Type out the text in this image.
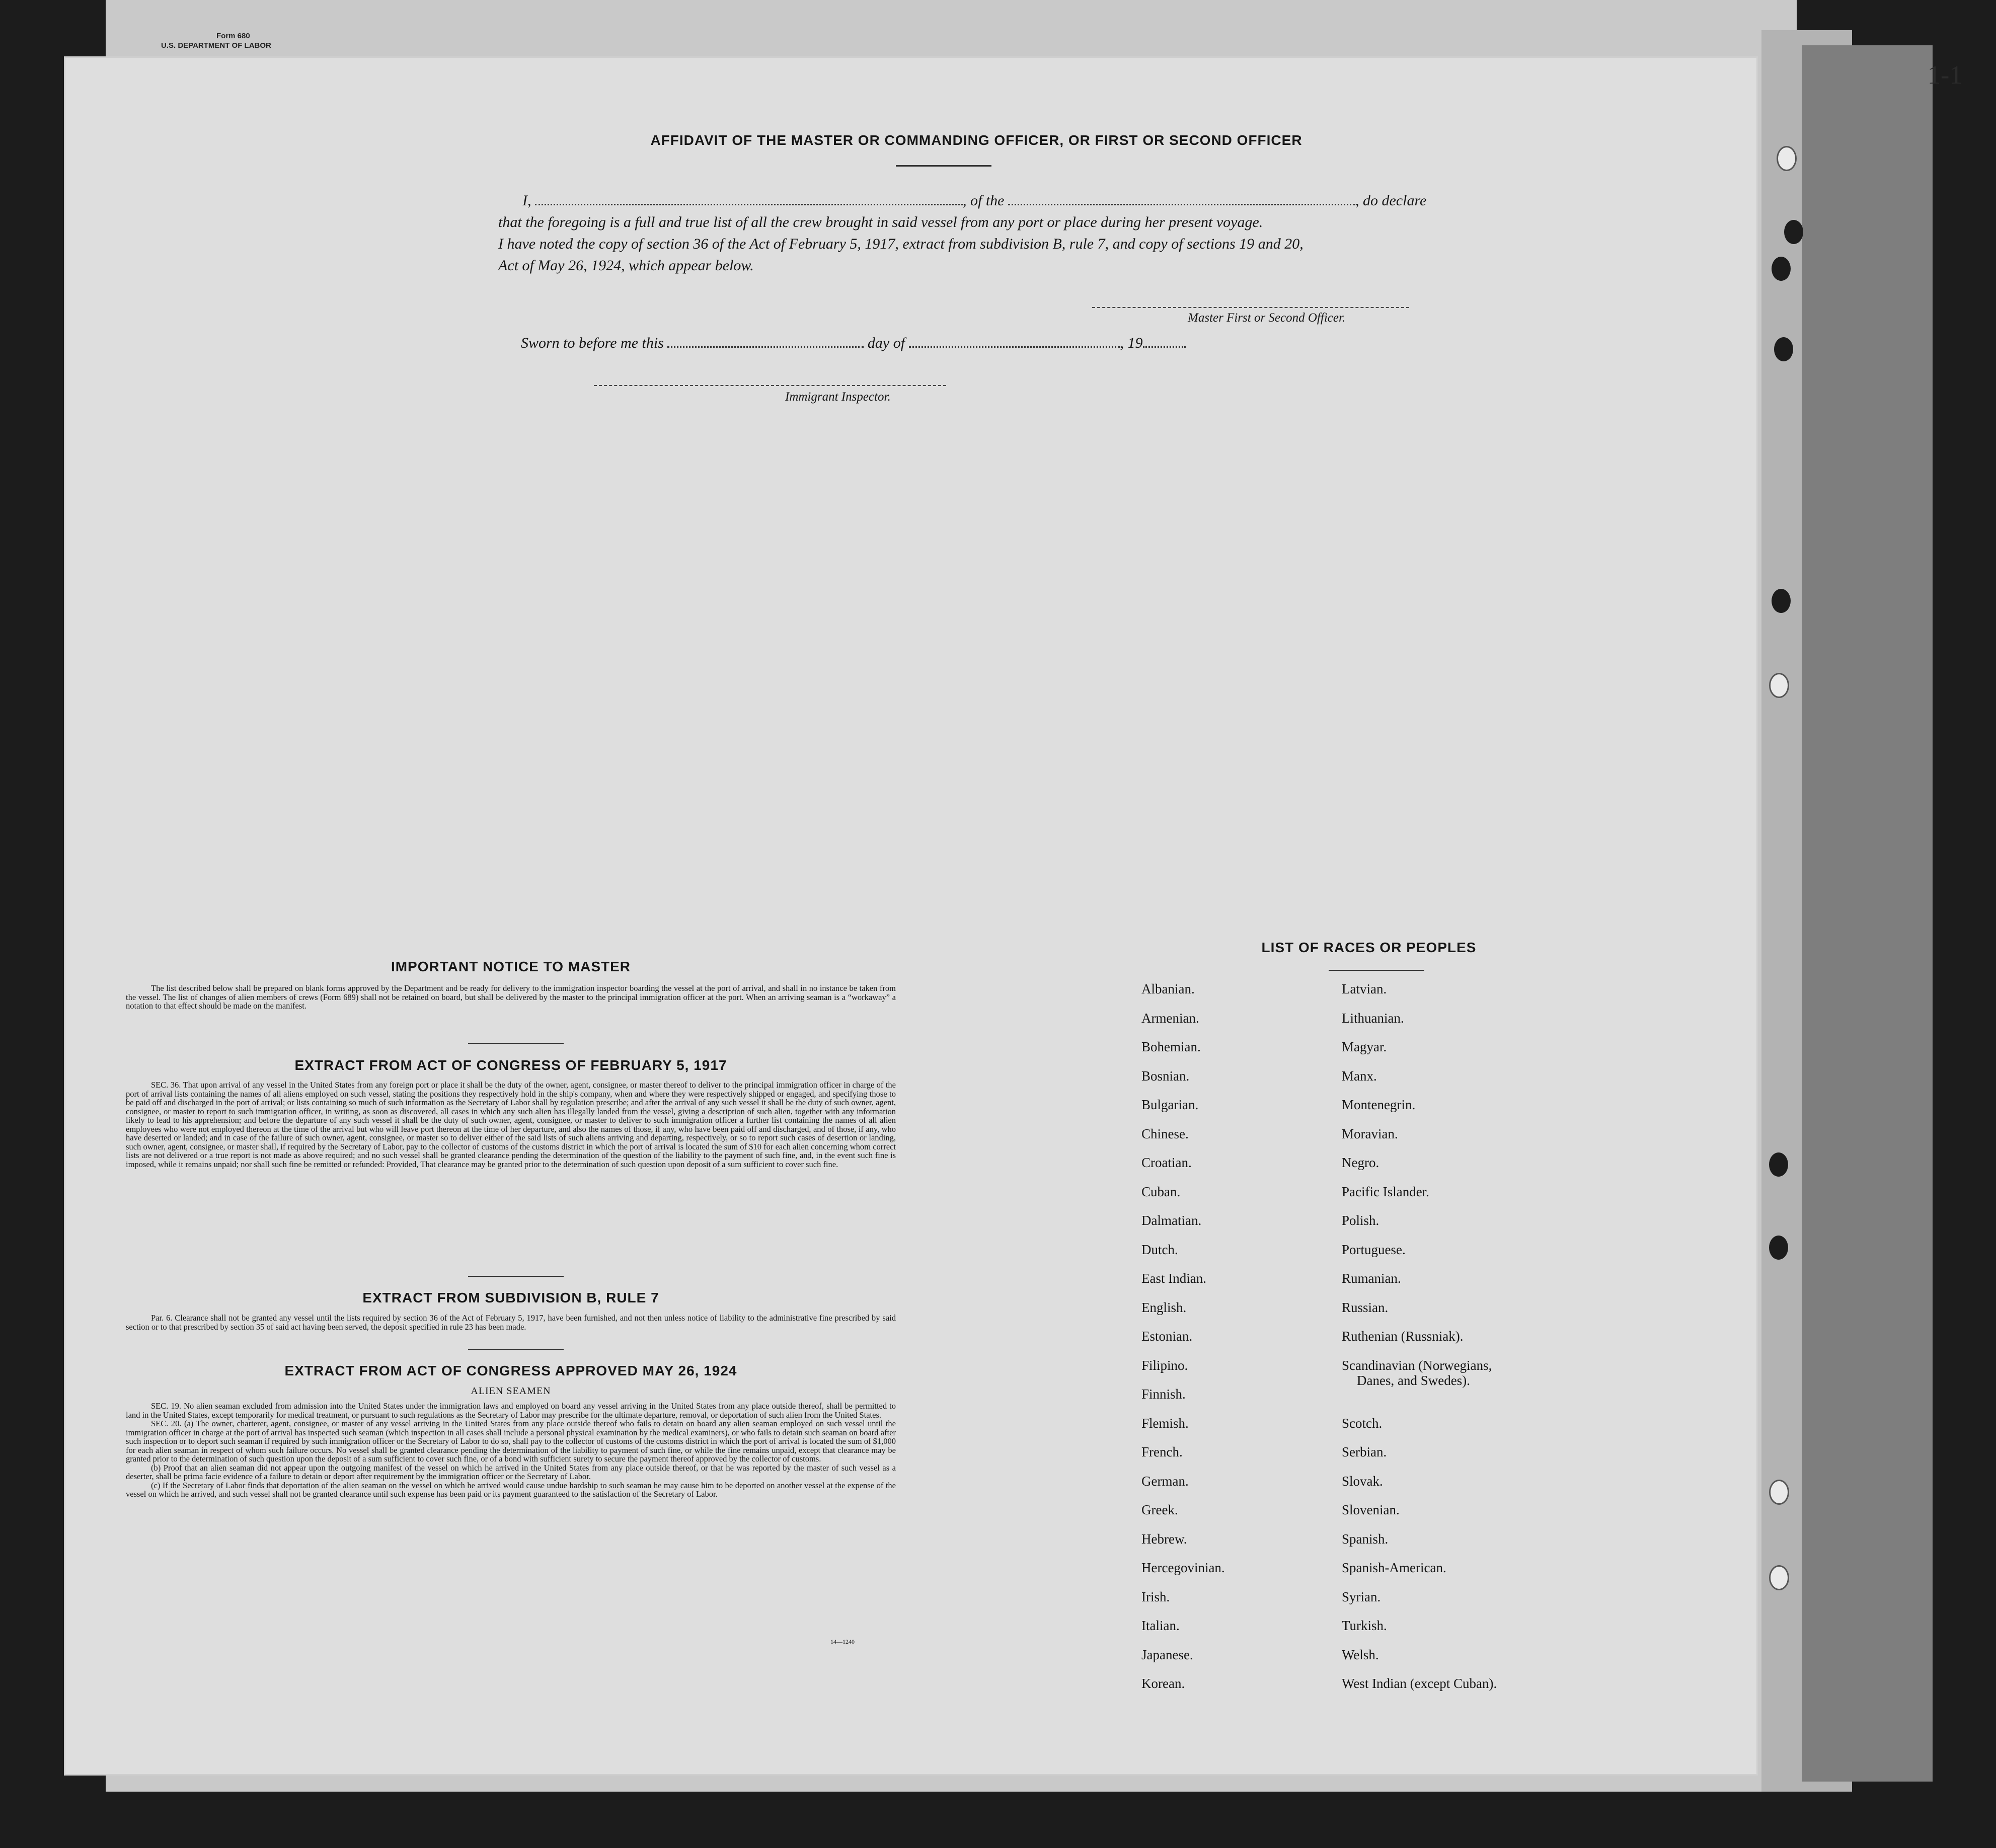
Form 680
U.S. DEPARTMENT OF LABOR
1-1
AFFIDAVIT OF THE MASTER OR COMMANDING OFFICER, OR FIRST OR SECOND OFFICER
I,	, of the	, do declare
that the foregoing is a full and true list of all the crew brought in said vessel from any port or place during her present voyage.
I have noted the copy of section 36 of the Act of February 5, 1917, extract from subdivision B, rule 7, and copy of sections 19 and 20,
Act of May 26, 1924, which appear below.
Master First or Second Officer.
Sworn to before me this	day of	, 19
Immigrant Inspector.
IMPORTANT NOTICE TO MASTER

The list described below shall be prepared on blank forms approved by the Department and be ready for delivery to the immigration inspector boarding the vessel at the port of arrival, and shall in no instance be taken from the vessel. The list of changes of alien members of crews (Form 689) shall not be retained on board, but shall be delivered by the master to the principal immigration officer at the port. When an arriving seaman is a “workaway” a notation to that effect should be made on the manifest.

EXTRACT FROM ACT OF CONGRESS OF FEBRUARY 5, 1917

SEC. 36. That upon arrival of any vessel in the United States from any foreign port or place it shall be the duty of the owner, agent, consignee, or master thereof to deliver to the principal immigration officer in charge of the port of arrival lists containing the names of all aliens employed on such vessel, stating the positions they respectively hold in the ship's company, when and where they were respectively shipped or engaged, and specifying those to be paid off and discharged in the port of arrival; or lists containing so much of such information as the Secretary of Labor shall by regulation prescribe; and after the arrival of any such vessel it shall be the duty of such owner, agent, consignee, or master to report to such immigration officer, in writing, as soon as discovered, all cases in which any such alien has illegally landed from the vessel, giving a description of such alien, together with any information likely to lead to his apprehension; and before the departure of any such vessel it shall be the duty of such owner, agent, consignee, or master to deliver to such immigration officer a further list containing the names of all alien employees who were not employed thereon at the time of the arrival but who will leave port thereon at the time of her departure, and also the names of those, if any, who have been paid off and discharged, and of those, if any, who have deserted or landed; and in case of the failure of such owner, agent, consignee, or master so to deliver either of the said lists of such aliens arriving and departing, respectively, or so to report such cases of desertion or landing, such owner, agent, consignee, or master shall, if required by the Secretary of Labor, pay to the collector of customs of the customs district in which the port of arrival is located the sum of $10 for each alien concerning whom correct lists are not delivered or a true report is not made as above required; and no such vessel shall be granted clearance pending the determination of the question of the liability to the payment of such fine, and, in the event such fine is imposed, while it remains unpaid; nor shall such fine be remitted or refunded: Provided, That clearance may be granted prior to the determination of such question upon deposit of a sum sufficient to cover such fine.

EXTRACT FROM SUBDIVISION B, RULE 7

Par. 6. Clearance shall not be granted any vessel until the lists required by section 36 of the Act of February 5, 1917, have been furnished, and not then unless notice of liability to the administrative fine prescribed by said section or to that prescribed by section 35 of said act having been served, the deposit specified in rule 23 has been made.

EXTRACT FROM ACT OF CONGRESS APPROVED MAY 26, 1924
ALIEN SEAMEN

SEC. 19. No alien seaman excluded from admission into the United States under the immigration laws and employed on board any vessel arriving in the United States from any place outside thereof, shall be permitted to land in the United States, except temporarily for medical treatment, or pursuant to such regulations as the Secretary of Labor may prescribe for the ultimate departure, removal, or deportation of such alien from the United States.

SEC. 20. (a) The owner, charterer, agent, consignee, or master of any vessel arriving in the United States from any place outside thereof who fails to detain on board any alien seaman employed on such vessel until the immigration officer in charge at the port of arrival has inspected such seaman (which inspection in all cases shall include a personal physical examination by the medical examiners), or who fails to detain such seaman on board after such inspection or to deport such seaman if required by such immigration officer or the Secretary of Labor to do so, shall pay to the collector of customs of the customs district in which the port of arrival is located the sum of $1,000 for each alien seaman in respect of whom such failure occurs. No vessel shall be granted clearance pending the determination of the liability to payment of such fine, or while the fine remains unpaid, except that clearance may be granted prior to the determination of such question upon the deposit of a sum sufficient to cover such fine, or of a bond with sufficient surety to secure the payment thereof approved by the collector of customs.

(b) Proof that an alien seaman did not appear upon the outgoing manifest of the vessel on which he arrived in the United States from any place outside thereof, or that he was reported by the master of such vessel as a deserter, shall be prima facie evidence of a failure to detain or deport after requirement by the immigration officer or the Secretary of Labor.

(c) If the Secretary of Labor finds that deportation of the alien seaman on the vessel on which he arrived would cause undue hardship to such seaman he may cause him to be deported on another vessel at the expense of the vessel on which he arrived, and such vessel shall not be granted clearance until such expense has been paid or its payment guaranteed to the satisfaction of the Secretary of Labor.

14—1240
LIST OF RACES OR PEOPLES
Albanian.
Armenian.
Bohemian.
Bosnian.
Bulgarian.
Chinese.
Croatian.
Cuban.
Dalmatian.
Dutch.
East Indian.
English.
Estonian.
Filipino.
Finnish.
Flemish.
French.
German.
Greek.
Hebrew.
Hercegovinian.
Irish.
Italian.
Japanese.
Korean.
Latvian.
Lithuanian.
Magyar.
Manx.
Montenegrin.
Moravian.
Negro.
Pacific Islander.
Polish.
Portuguese.
Rumanian.
Russian.
Ruthenian (Russniak).
Scandinavian (Norwegians,
Scotch.
Serbian.
Slovak.
Slovenian.
Spanish.
Spanish-American.
Syrian.
Turkish.
Welsh.
West Indian (except Cuban).
Danes, and Swedes).
